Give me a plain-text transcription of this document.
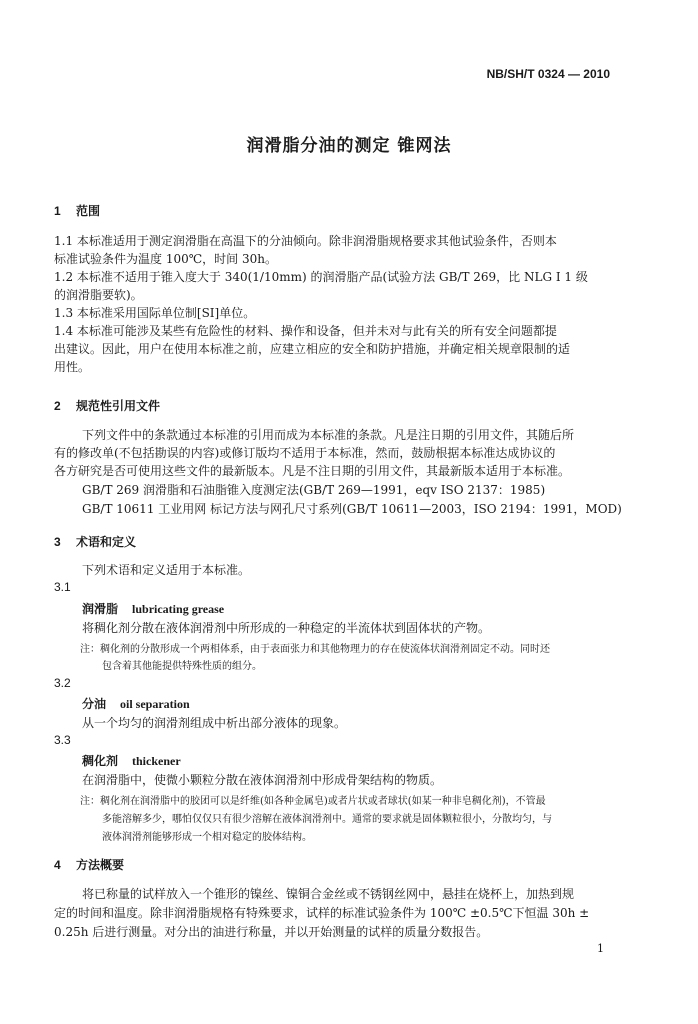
NB/SH/T 0324 — 2010
润滑脂分油的测定 锥网法
1 范围
1.1 本标准适用于测定润滑脂在高温下的分油倾向。除非润滑脂规格要求其他试验条件，否则本
标准试验条件为温度 100℃，时间 30h。
1.2 本标准不适用于锥入度大于 340(1/10mm) 的润滑脂产品(试验方法 GB/T 269，比 NLG I 1 级
的润滑脂要软)。
1.3 本标准采用国际单位制[SI]单位。
1.4 本标准可能涉及某些有危险性的材料、操作和设备，但并未对与此有关的所有安全问题都提
出建议。因此，用户在使用本标准之前，应建立相应的安全和防护措施，并确定相关规章限制的适
用性。
2 规范性引用文件
下列文件中的条款通过本标准的引用而成为本标准的条款。凡是注日期的引用文件，其随后所
有的修改单(不包括勘误的内容)或修订版均不适用于本标准，然而，鼓励根据本标准达成协议的
各方研究是否可使用这些文件的最新版本。凡是不注日期的引用文件，其最新版本适用于本标准。
GB/T 269 润滑脂和石油脂锥入度测定法(GB/T 269—1991，eqv ISO 2137：1985)
GB/T 10611 工业用网 标记方法与网孔尺寸系列(GB/T 10611—2003，ISO 2194：1991，MOD)
3 术语和定义
下列术语和定义适用于本标准。
3.1
润滑脂 lubricating grease
将稠化剂分散在液体润滑剂中所形成的一种稳定的半流体状到固体状的产物。
注：稠化剂的分散形成一个两相体系，由于表面张力和其他物理力的存在使流体状润滑剂固定不动。同时还
包含着其他能提供特殊性质的组分。
3.2
分油 oil separation
从一个均匀的润滑剂组成中析出部分液体的现象。
3.3
稠化剂 thickener
在润滑脂中，使微小颗粒分散在液体润滑剂中形成骨架结构的物质。
注：稠化剂在润滑脂中的胶团可以是纤维(如各种金属皂)或者片状或者球状(如某一种非皂稠化剂)，不管最
多能溶解多少，哪怕仅仅只有很少溶解在液体润滑剂中。通常的要求就是固体颗粒很小，分散均匀，与
液体润滑剂能够形成一个相对稳定的胶体结构。
4 方法概要
将已称量的试样放入一个锥形的镍丝、镍铜合金丝或不锈钢丝网中，悬挂在烧杯上，加热到规
定的时间和温度。除非润滑脂规格有特殊要求，试样的标准试验条件为 100℃ ±0.5℃下恒温 30h ±
0.25h 后进行测量。对分出的油进行称量，并以开始测量的试样的质量分数报告。
1
